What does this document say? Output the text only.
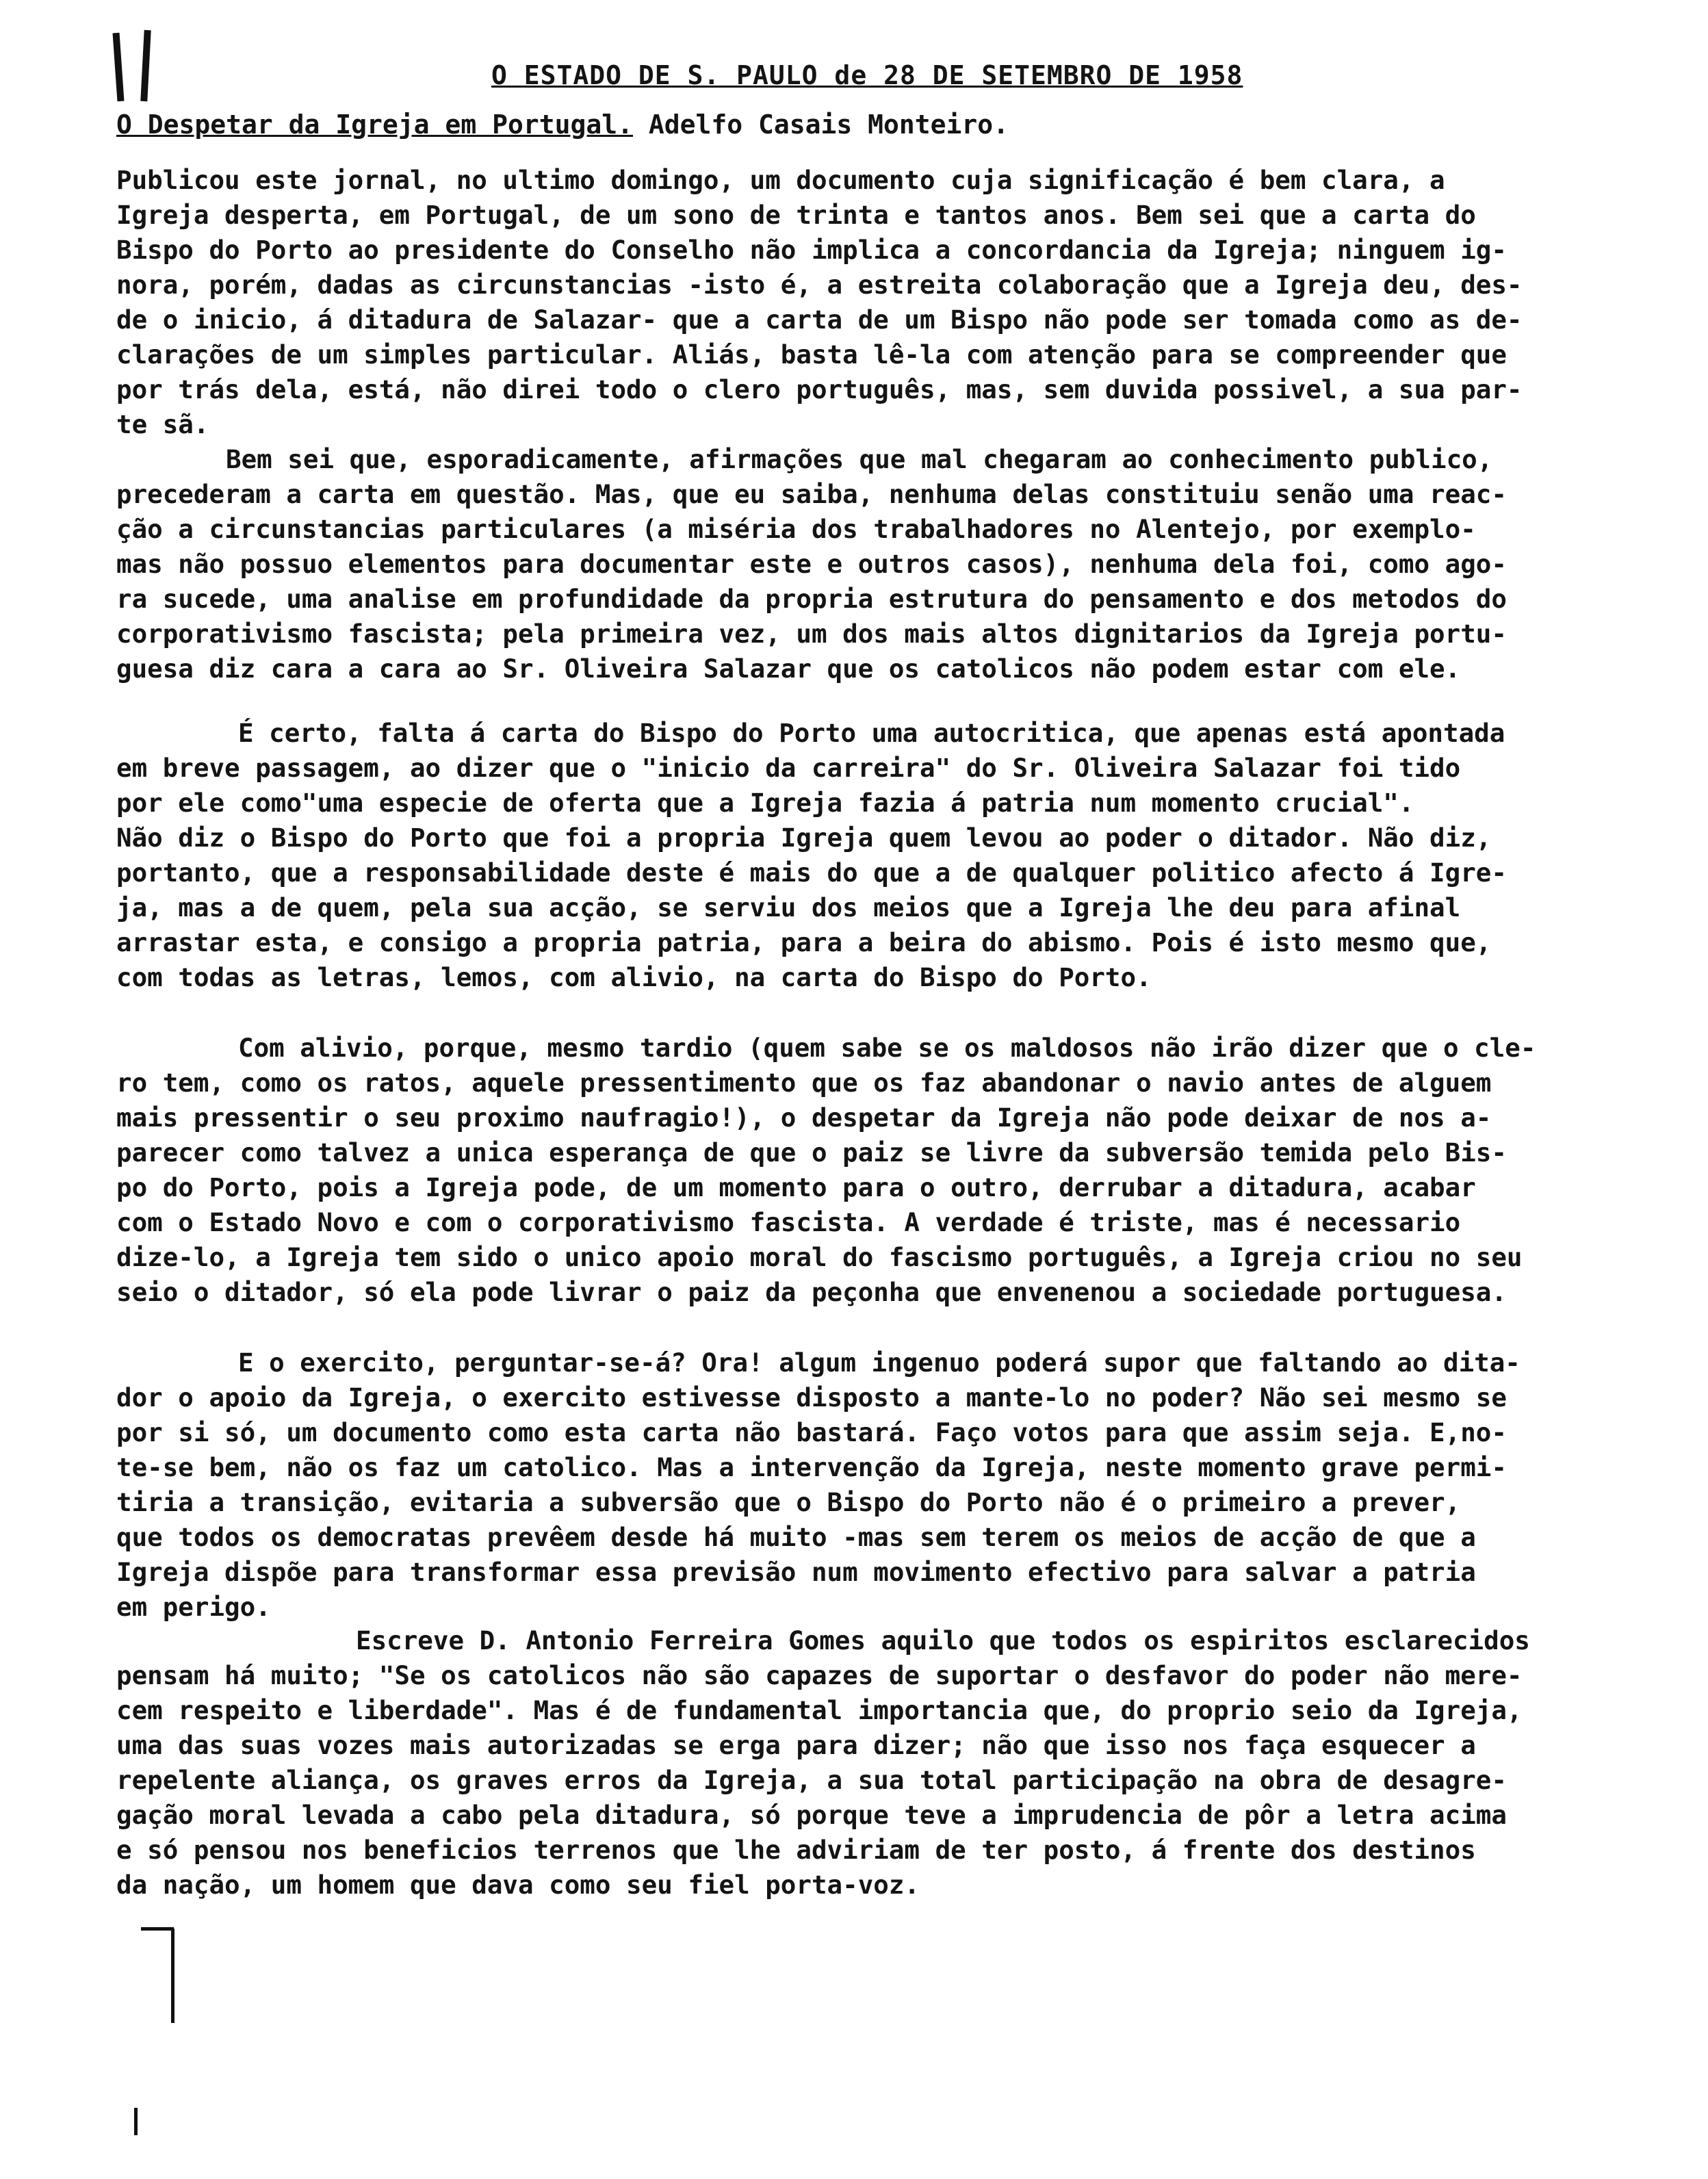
O ESTADO DE S. PAULO de 28 DE SETEMBRO DE 1958
O Despetar da Igreja em Portugal. Adelfo Casais Monteiro.
Publicou este jornal, no ultimo domingo, um documento cuja significação é bem clara, a
Igreja desperta, em Portugal, de um sono de trinta e tantos anos. Bem sei que a carta do
Bispo do Porto ao presidente do Conselho não implica a concordancia da Igreja; ninguem ig-
nora, porém, dadas as circunstancias -isto é, a estreita colaboração que a Igreja deu, des-
de o inicio, á ditadura de Salazar- que a carta de um Bispo não pode ser tomada como as de-
clarações de um simples particular. Aliás, basta lê-la com atenção para se compreender que
por trás dela, está, não direi todo o clero português, mas, sem duvida possivel, a sua par-
te sã.
Bem sei que, esporadicamente, afirmações que mal chegaram ao conhecimento publico,
precederam a carta em questão. Mas, que eu saiba, nenhuma delas constituiu senão uma reac-
ção a circunstancias particulares (a miséria dos trabalhadores no Alentejo, por exemplo-
mas não possuo elementos para documentar este e outros casos), nenhuma dela foi, como ago-
ra sucede, uma analise em profundidade da propria estrutura do pensamento e dos metodos do
corporativismo fascista; pela primeira vez, um dos mais altos dignitarios da Igreja portu-
guesa diz cara a cara ao Sr. Oliveira Salazar que os catolicos não podem estar com ele.
É certo, falta á carta do Bispo do Porto uma autocritica, que apenas está apontada
em breve passagem, ao dizer que o "inicio da carreira" do Sr. Oliveira Salazar foi tido
por ele como"uma especie de oferta que a Igreja fazia á patria num momento crucial".
Não diz o Bispo do Porto que foi a propria Igreja quem levou ao poder o ditador. Não diz,
portanto, que a responsabilidade deste é mais do que a de qualquer politico afecto á Igre-
ja, mas a de quem, pela sua acção, se serviu dos meios que a Igreja lhe deu para afinal
arrastar esta, e consigo a propria patria, para a beira do abismo. Pois é isto mesmo que,
com todas as letras, lemos, com alivio, na carta do Bispo do Porto.
Com alivio, porque, mesmo tardio (quem sabe se os maldosos não irão dizer que o cle-
ro tem, como os ratos, aquele pressentimento que os faz abandonar o navio antes de alguem
mais pressentir o seu proximo naufragio!), o despetar da Igreja não pode deixar de nos a-
parecer como talvez a unica esperança de que o paiz se livre da subversão temida pelo Bis-
po do Porto, pois a Igreja pode, de um momento para o outro, derrubar a ditadura, acabar
com o Estado Novo e com o corporativismo fascista. A verdade é triste, mas é necessario
dize-lo, a Igreja tem sido o unico apoio moral do fascismo português, a Igreja criou no seu
seio o ditador, só ela pode livrar o paiz da peçonha que envenenou a sociedade portuguesa.
E o exercito, perguntar-se-á? Ora! algum ingenuo poderá supor que faltando ao dita-
dor o apoio da Igreja, o exercito estivesse disposto a mante-lo no poder? Não sei mesmo se
por si só, um documento como esta carta não bastará. Faço votos para que assim seja. E,no-
te-se bem, não os faz um catolico. Mas a intervenção da Igreja, neste momento grave permi-
tiria a transição, evitaria a subversão que o Bispo do Porto não é o primeiro a prever,
que todos os democratas prevêem desde há muito -mas sem terem os meios de acção de que a
Igreja dispõe para transformar essa previsão num movimento efectivo para salvar a patria
em perigo.
Escreve D. Antonio Ferreira Gomes aquilo que todos os espiritos esclarecidos
pensam há muito; "Se os catolicos não são capazes de suportar o desfavor do poder não mere-
cem respeito e liberdade". Mas é de fundamental importancia que, do proprio seio da Igreja,
uma das suas vozes mais autorizadas se erga para dizer; não que isso nos faça esquecer a
repelente aliança, os graves erros da Igreja, a sua total participação na obra de desagre-
gação moral levada a cabo pela ditadura, só porque teve a imprudencia de pôr a letra acima
e só pensou nos beneficios terrenos que lhe adviriam de ter posto, á frente dos destinos
da nação, um homem que dava como seu fiel porta-voz.
